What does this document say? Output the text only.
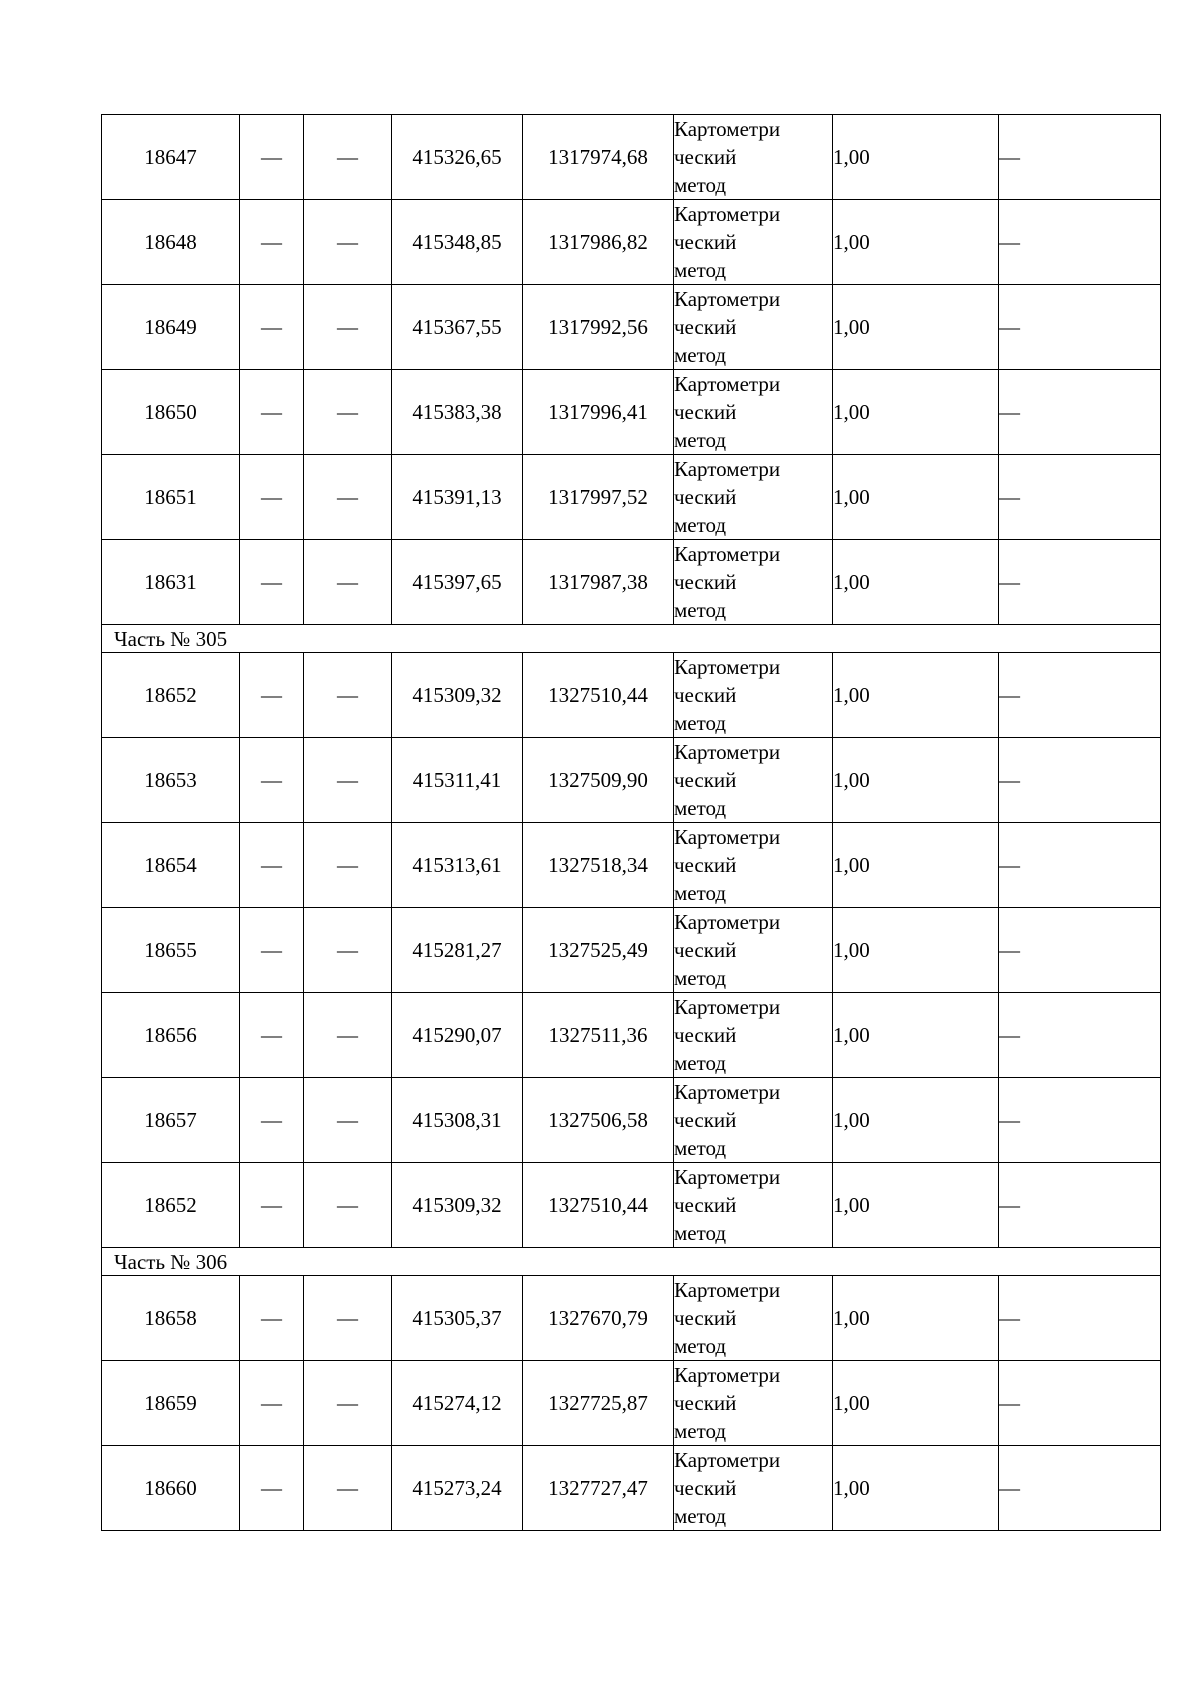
18647	—	—	415326,65	1317974,68	Картометри
ческий
метод	1,00	—
18648	—	—	415348,85	1317986,82	Картометри
ческий
метод	1,00	—
18649	—	—	415367,55	1317992,56	Картометри
ческий
метод	1,00	—
18650	—	—	415383,38	1317996,41	Картометри
ческий
метод	1,00	—
18651	—	—	415391,13	1317997,52	Картометри
ческий
метод	1,00	—
18631	—	—	415397,65	1317987,38	Картометри
ческий
метод	1,00	—
Часть № 305							
18652	—	—	415309,32	1327510,44	Картометри
ческий
метод	1,00	—
18653	—	—	415311,41	1327509,90	Картометри
ческий
метод	1,00	—
18654	—	—	415313,61	1327518,34	Картометри
ческий
метод	1,00	—
18655	—	—	415281,27	1327525,49	Картометри
ческий
метод	1,00	—
18656	—	—	415290,07	1327511,36	Картометри
ческий
метод	1,00	—
18657	—	—	415308,31	1327506,58	Картометри
ческий
метод	1,00	—
18652	—	—	415309,32	1327510,44	Картометри
ческий
метод	1,00	—
Часть № 306							
18658	—	—	415305,37	1327670,79	Картометри
ческий
метод	1,00	—
18659	—	—	415274,12	1327725,87	Картометри
ческий
метод	1,00	—
18660	—	—	415273,24	1327727,47	Картометри
ческий
метод	1,00	—
